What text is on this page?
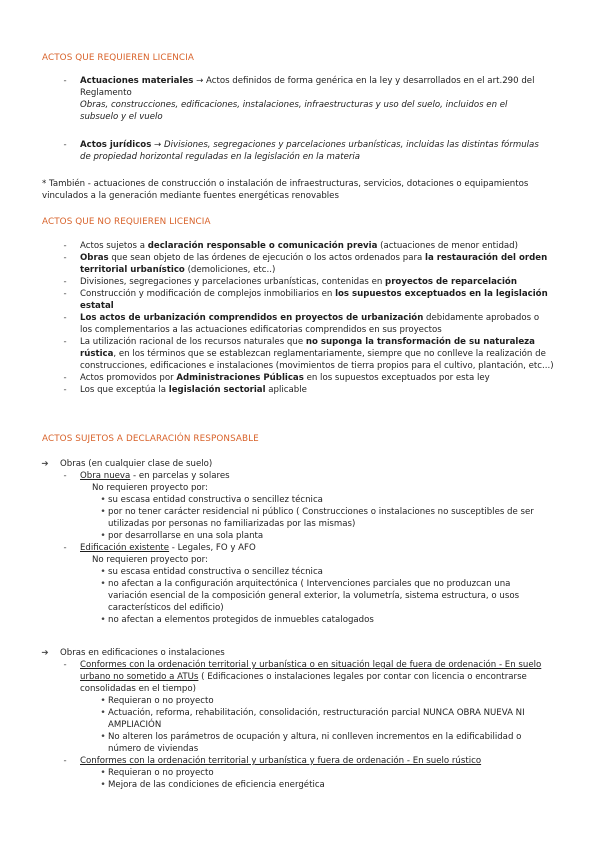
ACTOS QUE REQUIEREN LICENCIA
-	Actuaciones materiales → Actos definidos de forma genérica en la ley y desarrollados en el art.290 del Reglamento
Obras, construcciones, edificaciones, instalaciones, infraestructuras y uso del suelo, incluidos en el subsuelo y el vuelo
-	Actos jurídicos → Divisiones, segregaciones y parcelaciones urbanísticas, incluidas las distintas fórmulas de propiedad horizontal reguladas en la legislación en la materia
* También - actuaciones de construcción o instalación de infraestructuras, servicios, dotaciones o equipamientos vinculados a la generación mediante fuentes energéticas renovables
ACTOS QUE NO REQUIEREN LICENCIA
-	Actos sujetos a declaración responsable o comunicación previa (actuaciones de menor entidad)
-	Obras que sean objeto de las órdenes de ejecución o los actos ordenados para la restauración del orden territorial urbanístico (demoliciones, etc..)
-	Divisiones, segregaciones y parcelaciones urbanísticas, contenidas en proyectos de reparcelación
-	Construcción y modificación de complejos inmobiliarios en los supuestos exceptuados en la legislación estatal
-	Los actos de urbanización comprendidos en proyectos de urbanización debidamente aprobados o los complementarios a las actuaciones edificatorias comprendidos en sus proyectos
-	La utilización racional de los recursos naturales que no suponga la transformación de su naturaleza rústica, en los términos que se establezcan reglamentariamente, siempre que no conlleve la realización de construcciones, edificaciones e instalaciones (movimientos de tierra propios para el cultivo, plantación, etc...)
-	Actos promovidos por Administraciones Públicas en los supuestos exceptuados por esta ley
-	Los que exceptúa la legislación sectorial aplicable
ACTOS SUJETOS A DECLARACIÓN RESPONSABLE
➔ Obras (en cualquier clase de suelo)
-	Obra nueva - en parcelas y solares
No requieren proyecto por:
• su escasa entidad constructiva o sencillez técnica
• por no tener carácter residencial ni público ( Construcciones o instalaciones no susceptibles de ser utilizadas por personas no familiarizadas por las mismas)
• por desarrollarse en una sola planta
-	Edificación existente - Legales, FO y AFO
No requieren proyecto por:
• su escasa entidad constructiva o sencillez técnica
• no afectan a la configuración arquitectónica ( Intervenciones parciales que no produzcan una variación esencial de la composición general exterior, la volumetría, sistema estructura, o usos característicos del edificio)
• no afectan a elementos protegidos de inmuebles catalogados
➔ Obras en edificaciones o instalaciones
-	Conformes con la ordenación territorial y urbanística o en situación legal de fuera de ordenación - En suelo urbano no sometido a ATUs ( Edificaciones o instalaciones legales por contar con licencia o encontrarse consolidadas en el tiempo)
• Requieran o no proyecto
• Actuación, reforma, rehabilitación, consolidación, restructuración parcial NUNCA OBRA NUEVA NI AMPLIACIÓN
• No alteren los parámetros de ocupación y altura, ni conlleven incrementos en la edificabilidad o número de viviendas
-	Conformes con la ordenación territorial y urbanística y fuera de ordenación - En suelo rústico
• Requieran o no proyecto
• Mejora de las condiciones de eficiencia energética
